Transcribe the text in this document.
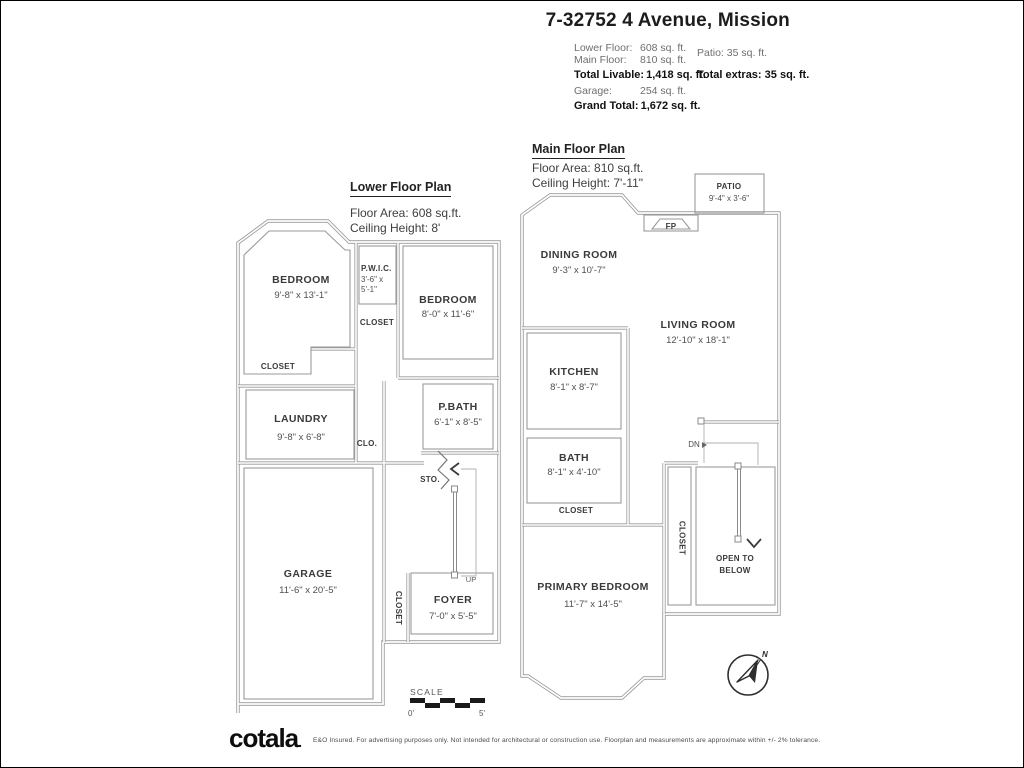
7-32752 4 Avenue, Mission
Lower Floor: 608 sq. ft.
Main Floor:	810 sq. ft.
Total Livable: 1,418 sq. ft.
Garage:	254 sq. ft.
Grand Total: 1,672 sq. ft.
Patio: 35 sq. ft.
Total extras: 35 sq. ft.
Lower Floor Plan
Floor Area: 608 sq.ft.
Ceiling Height: 8'
Main Floor Plan
Floor Area: 810 sq.ft.
Ceiling Height: 7'-11"
BEDROOM
9'-8" x 13'-1"
P.W.I.C.
3'-6" x
5'-1"
CLOSET
BEDROOM
8'-0" x 11'-6"
CLOSET
LAUNDRY
9'-8" x 6'-8"
CLO.
P.BATH
6'-1" x 8'-5"
STO.
GARAGE
11'-6" x 20'-5"
CLOSET	FOYER
7'-0" x 5'-5"
UP
PATIO
9'-4" x 3'-6"
FP
DINING ROOM
9'-3" x 10'-7"
LIVING ROOM
12'-10" x 18'-1"
KITCHEN
8'-1" x 8'-7"
BATH
8'-1" x 4'-10"
CLOSET
PRIMARY BEDROOM
11'-7" x 14'-5"
CLOSET
OPEN TO
BELOW
DN
SCALE
0'	5'
N
cotala. E&O Insured. For advertising purposes only. Not intended for architectural or construction use. Floorplan and measurements are approximate within +/- 2% tolerance.
